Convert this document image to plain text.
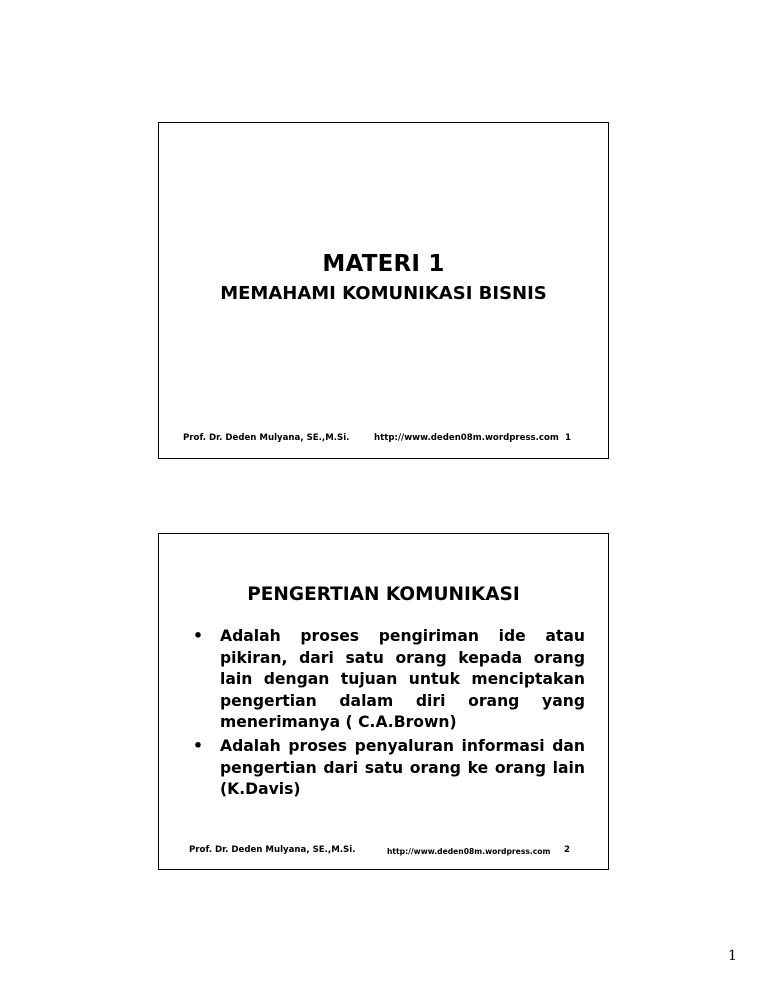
MATERI 1
MEMAHAMI KOMUNIKASI BISNIS
Prof. Dr. Deden Mulyana, SE.,M.Si.	http://www.deden08m.wordpress.com 1
PENGERTIAN KOMUNIKASI
• Adalah proses pengiriman ide atau pikiran, dari satu orang kepada orang lain dengan tujuan untuk menciptakan pengertian dalam diri orang yang menerimanya ( C.A.Brown)
• Adalah proses penyaluran informasi dan pengertian dari satu orang ke orang lain (K.Davis)
Prof. Dr. Deden Mulyana, SE.,M.Si.	http://www.deden08m.wordpress.com 2
1
